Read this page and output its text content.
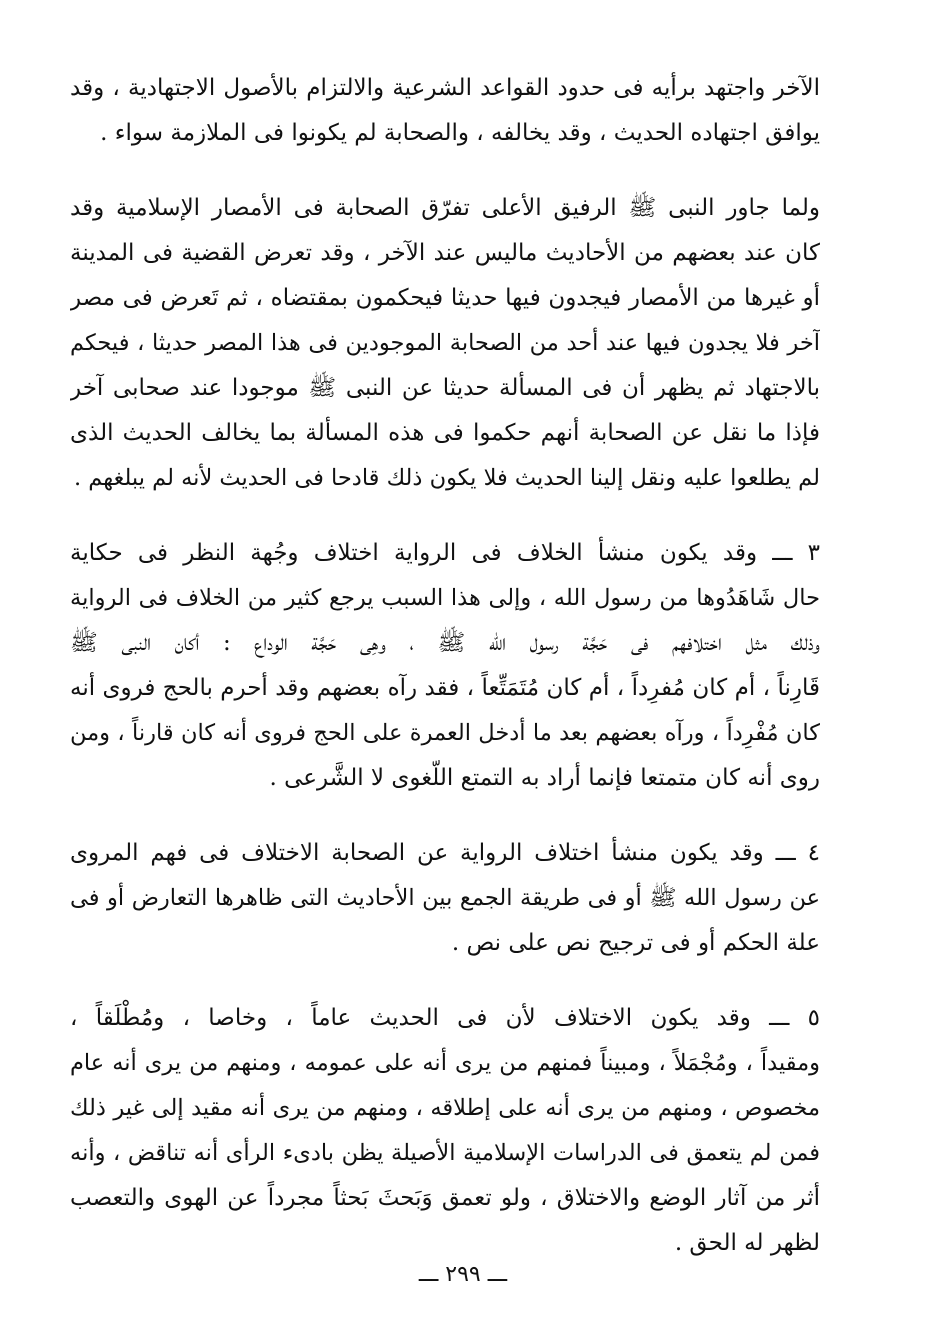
الآخر واجتهد برأيه فى حدود القواعد الشرعية والالتزام بالأصول الاجتهادية ، وقد
يوافق اجتهاده الحديث ، وقد يخالفه ، والصحابة لم يكونوا فى الملازمة سواء .
ولما جاور النبى ﷺ الرفيق الأعلى تفرّق الصحابة فى الأمصار الإسلامية وقد
كان عند بعضهم من الأحاديث ماليس عند الآخر ، وقد تعرض القضية فى المدينة
أو غيرها من الأمصار فيجدون فيها حديثا فيحكمون بمقتضاه ، ثم تَعرض فى مصر
آخر فلا يجدون فيها عند أحد من الصحابة الموجودين فى هذا المصر حديثا ، فيحكم
بالاجتهاد ثم يظهر أن فى المسألة حديثا عن النبى ﷺ موجودا عند صحابى آخر
فإذا ما نقل عن الصحابة أنهم حكموا فى هذه المسألة بما يخالف الحديث الذى
لم يطلعوا عليه ونقل إلينا الحديث فلا يكون ذلك قادحا فى الحديث لأنه لم يبلغهم .
٣ ـــ وقد يكون منشأ الخلاف فى الرواية اختلاف وجُهة النظر فى حكاية
حال شَاهَدُوها من رسول الله ، وإلى هذا السبب يرجع كثير من الخلاف فى الرواية
وذلك مثل اختلافهم فى حَجَّة رسول الله ﷺ ، وهِى حَجَّة الوداع : أكان النبى ﷺ
قَارِناً ، أم كان مُفرِداً ، أم كان مُتَمَتِّعاً ، فقد رآه بعضهم وقد أحرم بالحج فروى أنه
كان مُفْرِداً ، ورآه بعضهم بعد ما أدخل العمرة على الحج فروى أنه كان قارناً ، ومن
روى أنه كان متمتعا فإنما أراد به التمتع اللّغوى لا الشَّرعى .
٤ ـــ وقد يكون منشأ اختلاف الرواية عن الصحابة الاختلاف فى فهم المروى
عن رسول الله ﷺ أو فى طريقة الجمع بين الأحاديث التى ظاهرها التعارض أو فى
علة الحكم أو فى ترجيح نص على نص .
٥ ـــ وقد يكون الاختلاف لأن فى الحديث عاماً ، وخاصا ، ومُطْلَقاً ،
ومقيداً ، ومُجْمَلاً ، ومبيناً فمنهم من يرى أنه على عمومه ، ومنهم من يرى أنه عام
مخصوص ، ومنهم من يرى أنه على إطلاقه ، ومنهم من يرى أنه مقيد إلى غير ذلك
فمن لم يتعمق فى الدراسات الإسلامية الأصيلة يظن بادىء الرأى أنه تناقض ، وأنه
أثر من آثار الوضع والاختلاق ، ولو تعمق وَبَحثَ بَحثاً مجرداً عن الهوى والتعصب
لظهر له الحق .
ـــ ٢٩٩ ـــ
